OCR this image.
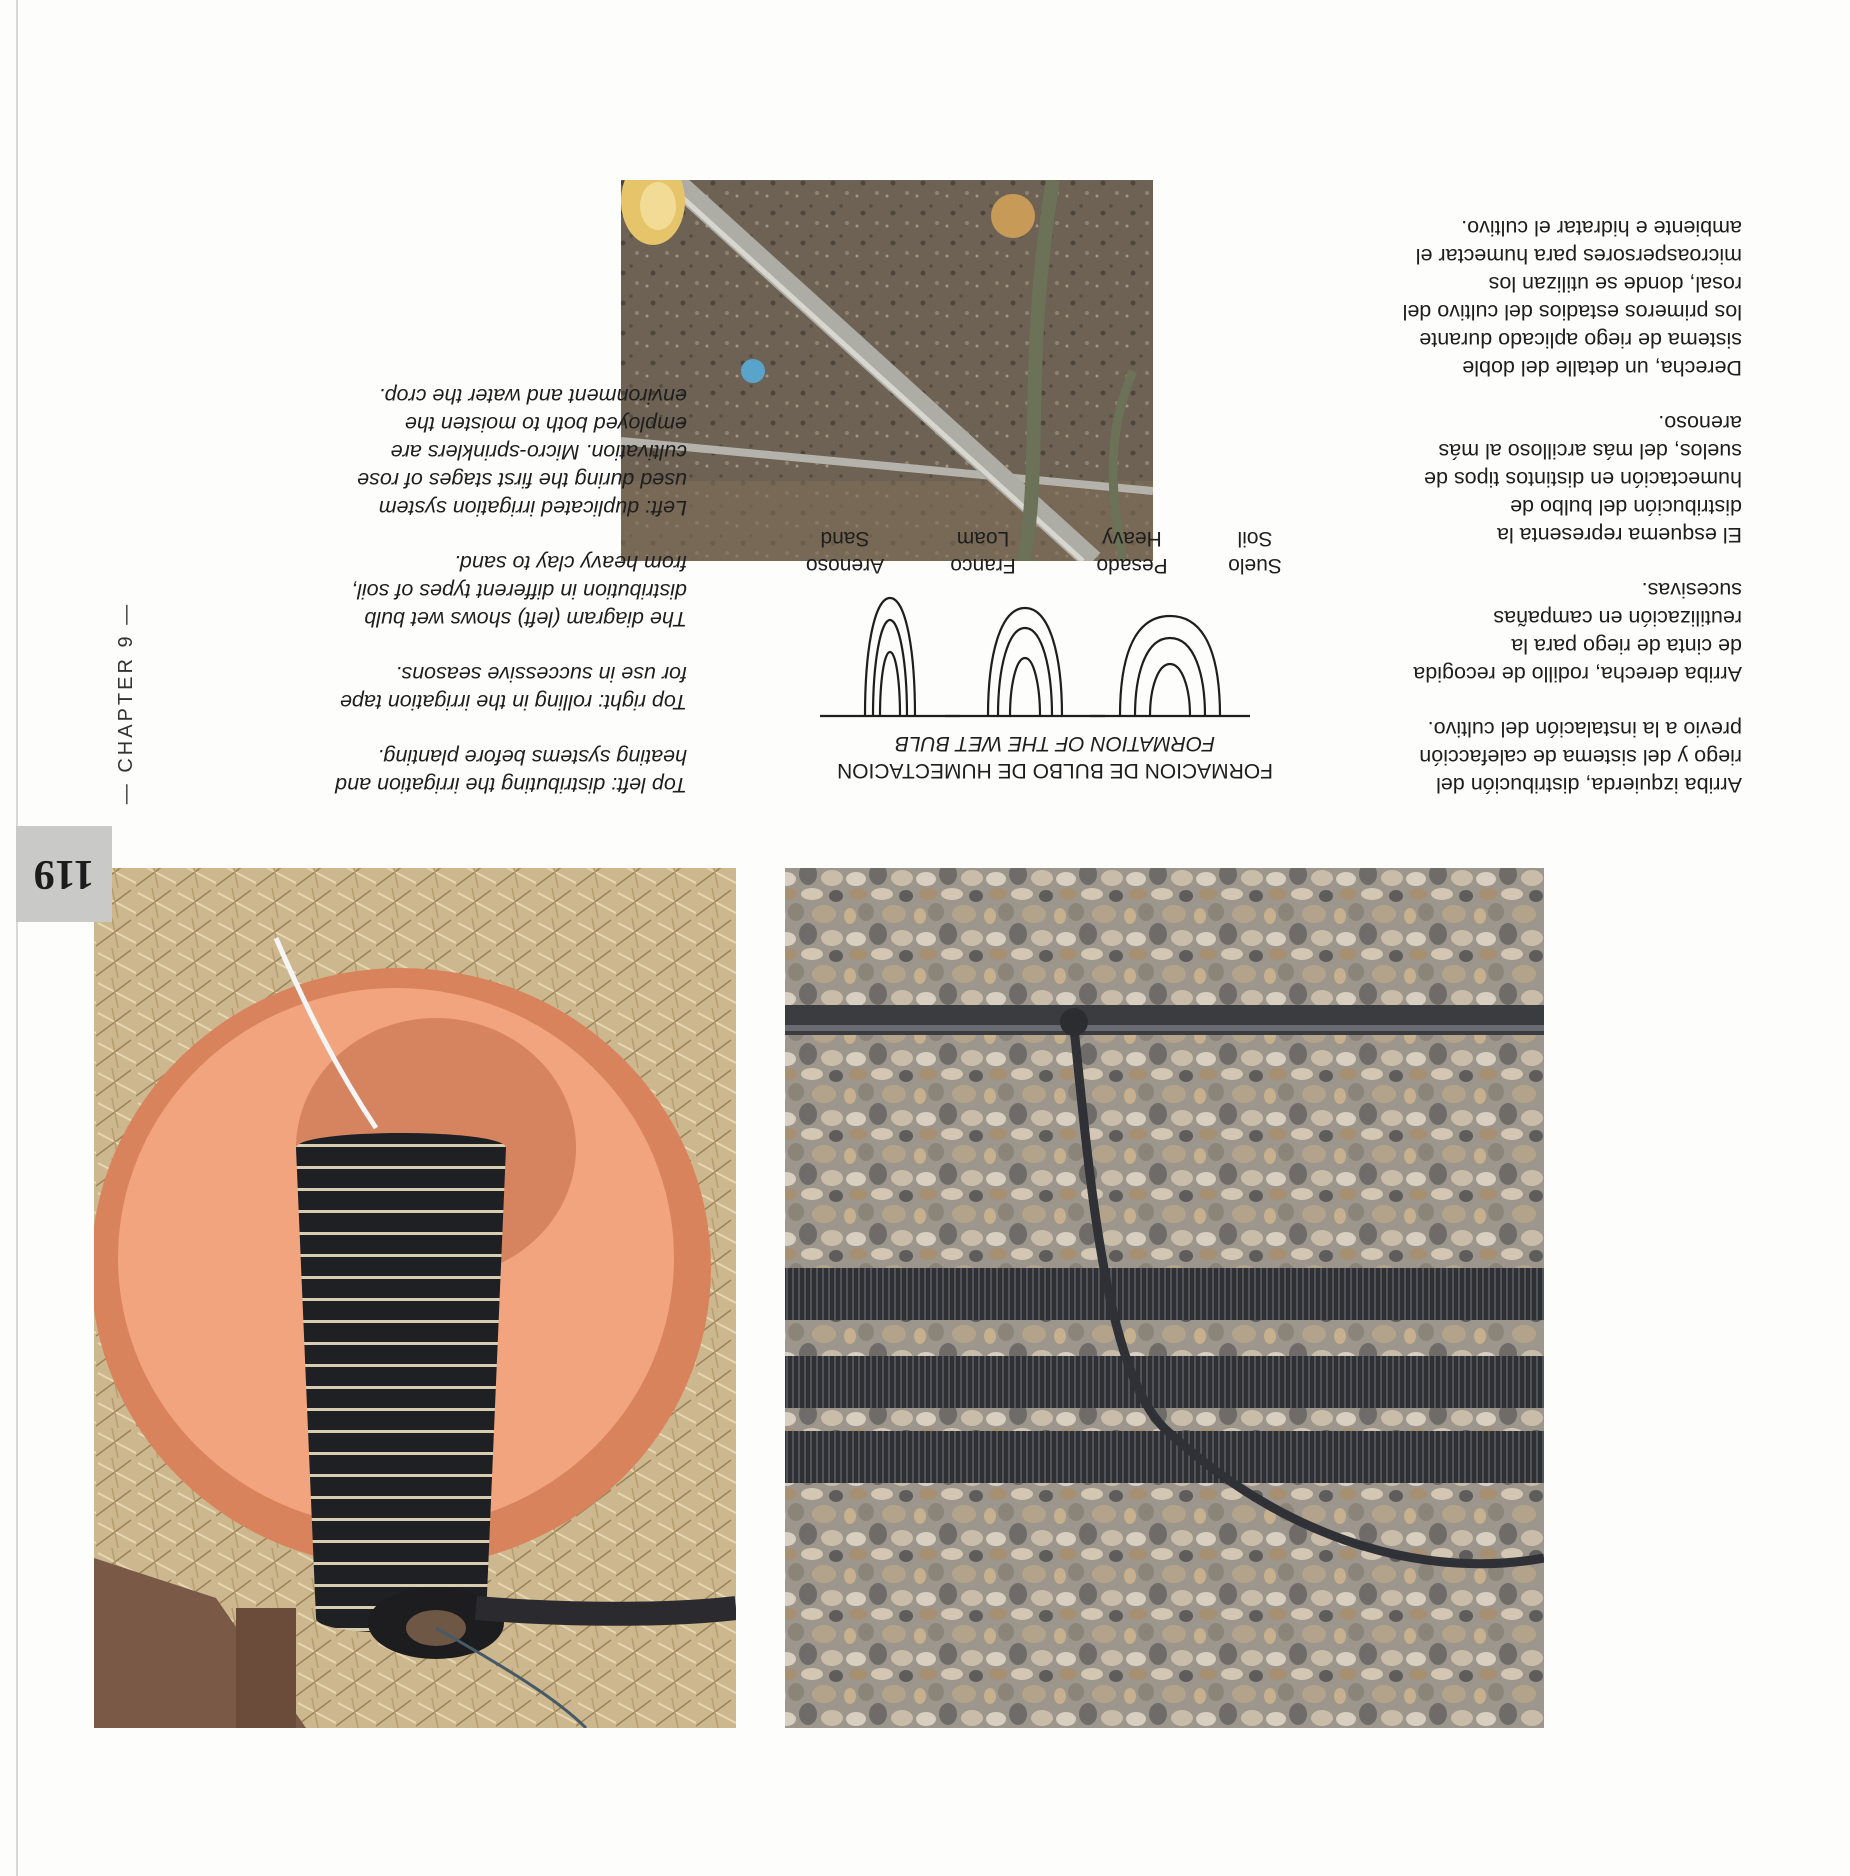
Arriba izquierda, distribución del riego y del sistema de calefacción previo a la instalación del cultivo.

Arriba derecha, rodillo de recogida de cinta de riego para la reutilización en campañas sucesivas.

El esquema representa la distribución del bulbo de humectación en distintos tipos de suelos, del más arcilloso al más arenoso.

Derecha, un detalle del doble sistema de riego aplicado durante los primeros estadios del cultivo del rosal, donde se utilizan los microaspersores para humectar el ambiente e hidratar el cultivo.

Top left: distributing the irrigation and heating systems before planting.

Top right: rolling in the irrigation tape for use in successive seasons.

The diagram (left) shows wet bulb distribution in different types of soil, from heavy clay to sand.

Left: duplicated irrigation system used during the first stages of rose cultivation. Micro-sprinklers are employed both to moisten the environment and water the crop.

FORMACION DE BULBO DE HUMECTACION
FORMATION OF THE WET BULB
Suelo
Soil
Pesado
Heavy
Franco
Loam
Arenoso
Sand
119
— CHAPTER 9 —
